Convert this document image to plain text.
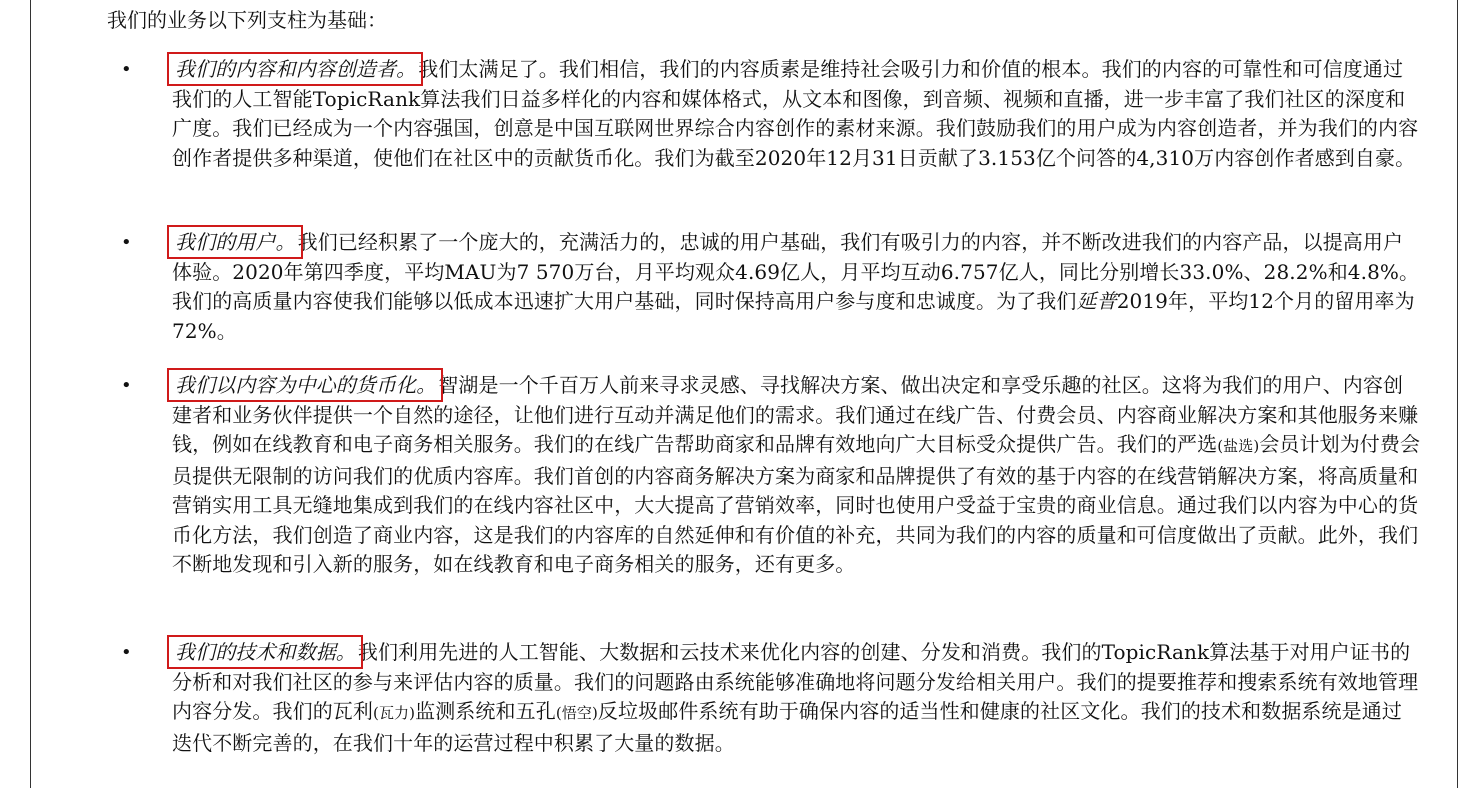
我们的业务以下列支柱为基础：

• 我们的内容和内容创造者。 我们太满足了。我们相信，我们的内容质素是维持社会吸引力和价值的根本。我们的内容的可靠性和可信度通过我们的人工智能TopicRank算法我们日益多样化的内容和媒体格式，从文本和图像，到音频、视频和直播，进一步丰富了我们社区的深度和广度。我们已经成为一个内容强国，创意是中国互联网世界综合内容创作的素材来源。我们鼓励我们的用户成为内容创造者，并为我们的内容创作者提供多种渠道，使他们在社区中的贡献货币化。我们为截至2020年12月31日贡献了3.153亿个问答的4,310万内容创作者感到自豪。

• 我们的用户。 我们已经积累了一个庞大的，充满活力的，忠诚的用户基础，我们有吸引力的内容，并不断改进我们的内容产品，以提高用户体验。2020年第四季度，平均MAU为7 570万台，月平均观众4.69亿人，月平均互动6.757亿人，同比分别增长33.0%、28.2%和4.8%。我们的高质量内容使我们能够以低成本迅速扩大用户基础，同时保持高用户参与度和忠诚度。为了我们延普2019年，平均12个月的留用率为72%。

• 我们以内容为中心的货币化。 智湖是一个千百万人前来寻求灵感、寻找解决方案、做出决定和享受乐趣的社区。这将为我们的用户、内容创建者和业务伙伴提供一个自然的途径，让他们进行互动并满足他们的需求。我们通过在线广告、付费会员、内容商业解决方案和其他服务来赚钱，例如在线教育和电子商务相关服务。我们的在线广告帮助商家和品牌有效地向广大目标受众提供广告。我们的严选(盐选)会员计划为付费会员提供无限制的访问我们的优质内容库。我们首创的内容商务解决方案为商家和品牌提供了有效的基于内容的在线营销解决方案，将高质量和营销实用工具无缝地集成到我们的在线内容社区中，大大提高了营销效率，同时也使用户受益于宝贵的商业信息。通过我们以内容为中心的货币化方法，我们创造了商业内容，这是我们的内容库的自然延伸和有价值的补充，共同为我们的内容的质量和可信度做出了贡献。此外，我们不断地发现和引入新的服务，如在线教育和电子商务相关的服务，还有更多。

• 我们的技术和数据。 我们利用先进的人工智能、大数据和云技术来优化内容的创建、分发和消费。我们的TopicRank算法基于对用户证书的分析和对我们社区的参与来评估内容的质量。我们的问题路由系统能够准确地将问题分发给相关用户。我们的提要推荐和搜索系统有效地管理内容分发。我们的瓦利(瓦力)监测系统和五孔(悟空)反垃圾邮件系统有助于确保内容的适当性和健康的社区文化。我们的技术和数据系统是通过迭代不断完善的，在我们十年的运营过程中积累了大量的数据。
